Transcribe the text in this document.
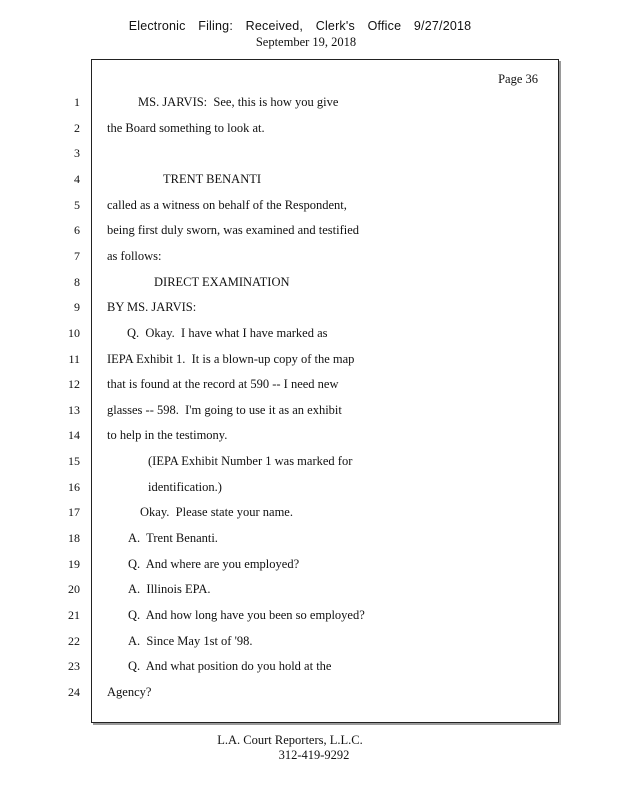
Electronic Filing: Received, Clerk's Office 9/27/2018
September 19, 2018
Page 36
1	MS. JARVIS:  See, this is how you give
2 the Board something to look at.
3
4	TRENT BENANTI
5 called as a witness on behalf of the Respondent,
6 being first duly sworn, was examined and testified
7 as follows:
8	DIRECT EXAMINATION
9 BY MS. JARVIS:
10	Q.  Okay.  I have what I have marked as
11 IEPA Exhibit 1.  It is a blown-up copy of the map
12 that is found at the record at 590 -- I need new
13 glasses -- 598.  I'm going to use it as an exhibit
14 to help in the testimony.
15	(IEPA Exhibit Number 1 was marked for
16	identification.)
17	Okay.  Please state your name.
18	A.  Trent Benanti.
19	Q.  And where are you employed?
20	A.  Illinois EPA.
21	Q.  And how long have you been so employed?
22	A.  Since May 1st of '98.
23	Q.  And what position do you hold at the
24 Agency?
L.A. Court Reporters, L.L.C.
312-419-9292
